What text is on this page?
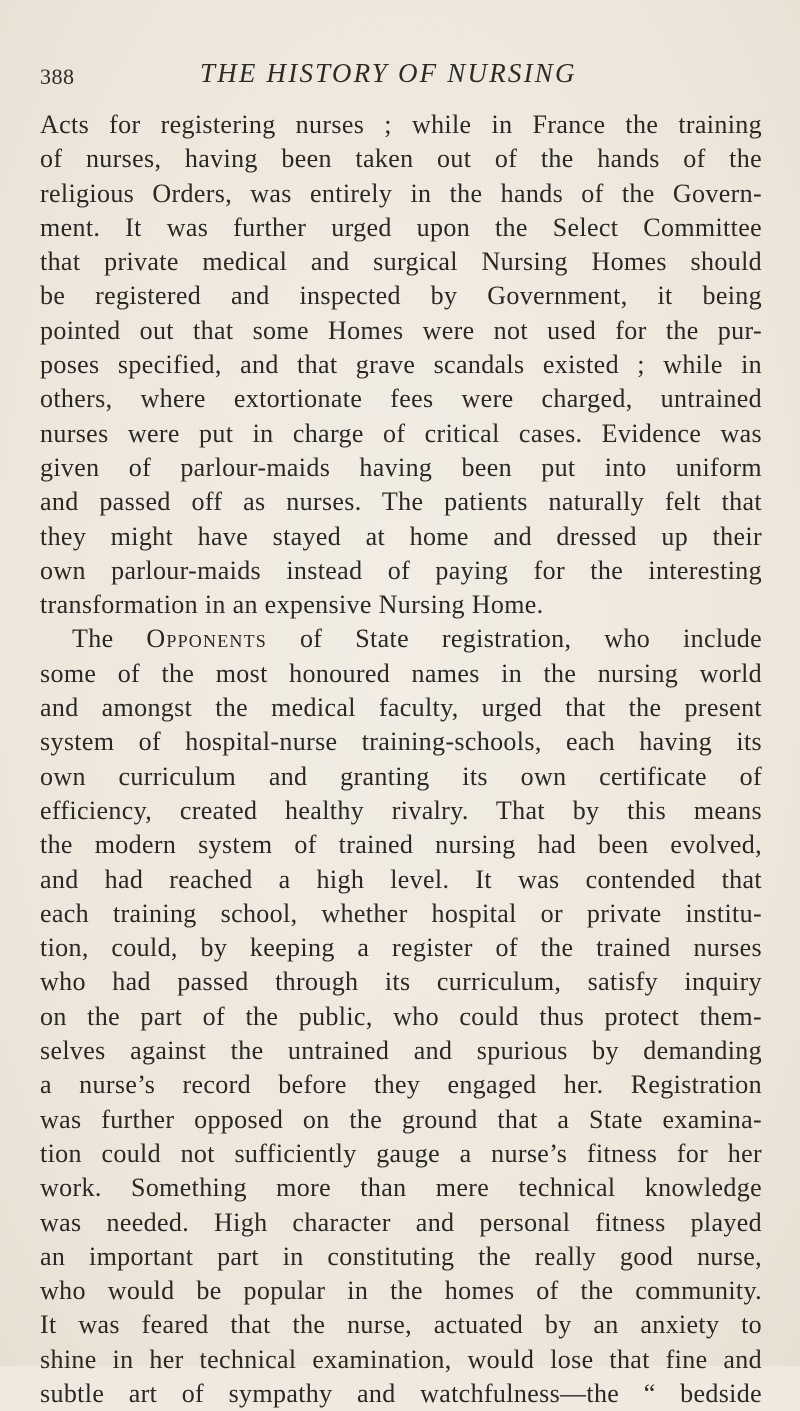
388	THE HISTORY OF NURSING
Acts for registering nurses ; while in France the training
of nurses, having been taken out of the hands of the
religious Orders, was entirely in the hands of the Govern-
ment. It was further urged upon the Select Committee
that private medical and surgical Nursing Homes should
be registered and inspected by Government, it being
pointed out that some Homes were not used for the pur-
poses specified, and that grave scandals existed ; while in
others, where extortionate fees were charged, untrained
nurses were put in charge of critical cases. Evidence was
given of parlour-maids having been put into uniform
and passed off as nurses. The patients naturally felt that
they might have stayed at home and dressed up their
own parlour-maids instead of paying for the interesting
transformation in an expensive Nursing Home.
The Opponents of State registration, who include
some of the most honoured names in the nursing world
and amongst the medical faculty, urged that the present
system of hospital-nurse training-schools, each having its
own curriculum and granting its own certificate of
efficiency, created healthy rivalry. That by this means
the modern system of trained nursing had been evolved,
and had reached a high level. It was contended that
each training school, whether hospital or private institu-
tion, could, by keeping a register of the trained nurses
who had passed through its curriculum, satisfy inquiry
on the part of the public, who could thus protect them-
selves against the untrained and spurious by demanding
a nurse’s record before they engaged her. Registration
was further opposed on the ground that a State examina-
tion could not sufficiently gauge a nurse’s fitness for her
work. Something more than mere technical knowledge
was needed. High character and personal fitness played
an important part in constituting the really good nurse,
who would be popular in the homes of the community.
It was feared that the nurse, actuated by an anxiety to
shine in her technical examination, would lose that fine and
subtle art of sympathy and watchfulness—the “ bedside
